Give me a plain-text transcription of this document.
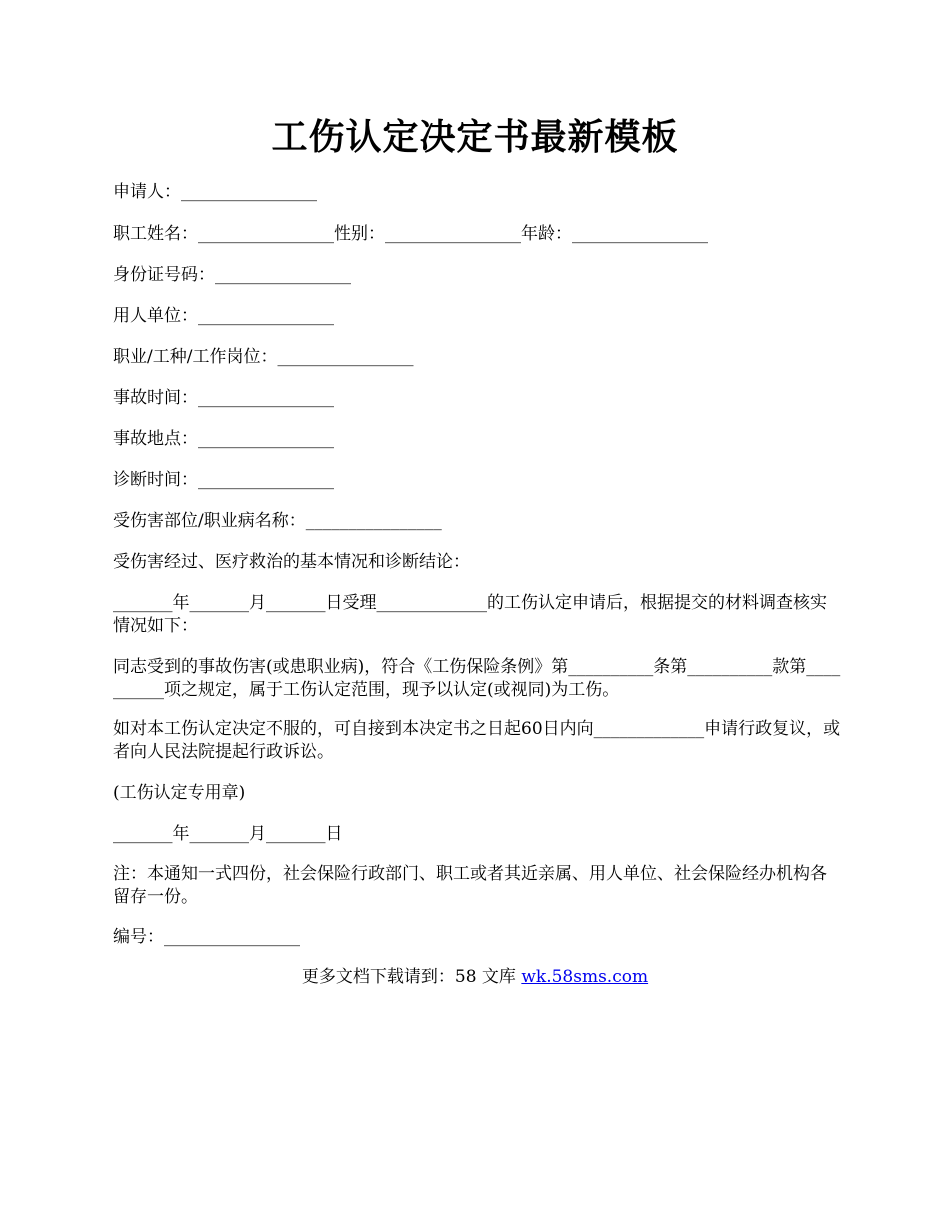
工伤认定决定书最新模板
申请人：________________
职工姓名：________________性别：________________年龄：________________
身份证号码：________________
用人单位：________________
职业/工种/工作岗位：________________
事故时间：________________
事故地点：________________
诊断时间：________________
受伤害部位/职业病名称：________________
受伤害经过、医疗救治的基本情况和诊断结论：
_______年_______月_______日受理_____________的工伤认定申请后，根据提交的材料调查核实情况如下：
同志受到的事故伤害(或患职业病)，符合《工伤保险条例》第__________条第__________款第__________项之规定，属于工伤认定范围，现予以认定(或视同)为工伤。
如对本工伤认定决定不服的，可自接到本决定书之日起60日内向_____________申请行政复议，或者向人民法院提起行政诉讼。
(工伤认定专用章)
_______年_______月_______日
注：本通知一式四份，社会保险行政部门、职工或者其近亲属、用人单位、社会保险经办机构各留存一份。
编号：________________
更多文档下载请到：58 文库 wk.58sms.com
